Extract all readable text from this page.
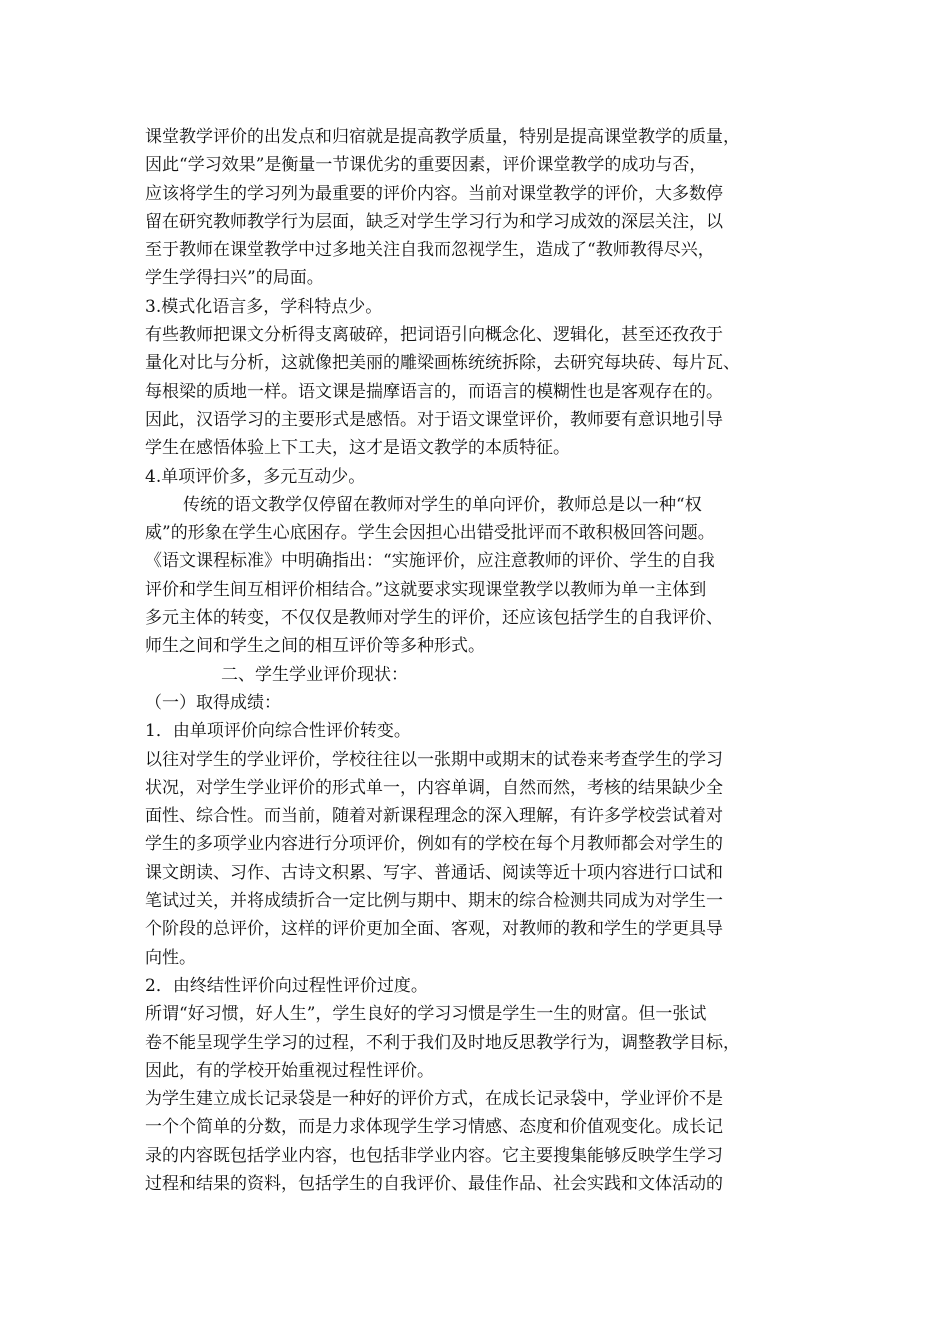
课堂教学评价的出发点和归宿就是提高教学质量，特别是提高课堂教学的质量，
因此“学习效果”是衡量一节课优劣的重要因素，评价课堂教学的成功与否，
应该将学生的学习列为最重要的评价内容。当前对课堂教学的评价，大多数停
留在研究教师教学行为层面，缺乏对学生学习行为和学习成效的深层关注，以
至于教师在课堂教学中过多地关注自我而忽视学生，造成了“教师教得尽兴，
学生学得扫兴”的局面。
3.模式化语言多，学科特点少。
有些教师把课文分析得支离破碎，把词语引向概念化、逻辑化，甚至还孜孜于
量化对比与分析，这就像把美丽的雕梁画栋统统拆除，去研究每块砖、每片瓦、
每根梁的质地一样。语文课是揣摩语言的，而语言的模糊性也是客观存在的。
因此，汉语学习的主要形式是感悟。对于语文课堂评价，教师要有意识地引导
学生在感悟体验上下工夫，这才是语文教学的本质特征。
4.单项评价多，多元互动少。
传统的语文教学仅停留在教师对学生的单向评价，教师总是以一种“权
威”的形象在学生心底困存。学生会因担心出错受批评而不敢积极回答问题。
《语文课程标准》中明确指出：“实施评价，应注意教师的评价、学生的自我
评价和学生间互相评价相结合。”这就要求实现课堂教学以教师为单一主体到
多元主体的转变，不仅仅是教师对学生的评价，还应该包括学生的自我评价、
师生之间和学生之间的相互评价等多种形式。
二、学生学业评价现状：
（一）取得成绩：
1．由单项评价向综合性评价转变。
以往对学生的学业评价，学校往往以一张期中或期末的试卷来考查学生的学习
状况，对学生学业评价的形式单一，内容单调，自然而然，考核的结果缺少全
面性、综合性。而当前，随着对新课程理念的深入理解，有许多学校尝试着对
学生的多项学业内容进行分项评价，例如有的学校在每个月教师都会对学生的
课文朗读、习作、古诗文积累、写字、普通话、阅读等近十项内容进行口试和
笔试过关，并将成绩折合一定比例与期中、期末的综合检测共同成为对学生一
个阶段的总评价，这样的评价更加全面、客观，对教师的教和学生的学更具导
向性。
2．由终结性评价向过程性评价过度。
所谓“好习惯，好人生”，学生良好的学习习惯是学生一生的财富。但一张试
卷不能呈现学生学习的过程，不利于我们及时地反思教学行为，调整教学目标，
因此，有的学校开始重视过程性评价。
为学生建立成长记录袋是一种好的评价方式，在成长记录袋中，学业评价不是
一个个简单的分数，而是力求体现学生学习情感、态度和价值观变化。成长记
录的内容既包括学业内容，也包括非学业内容。它主要搜集能够反映学生学习
过程和结果的资料，包括学生的自我评价、最佳作品、社会实践和文体活动的
